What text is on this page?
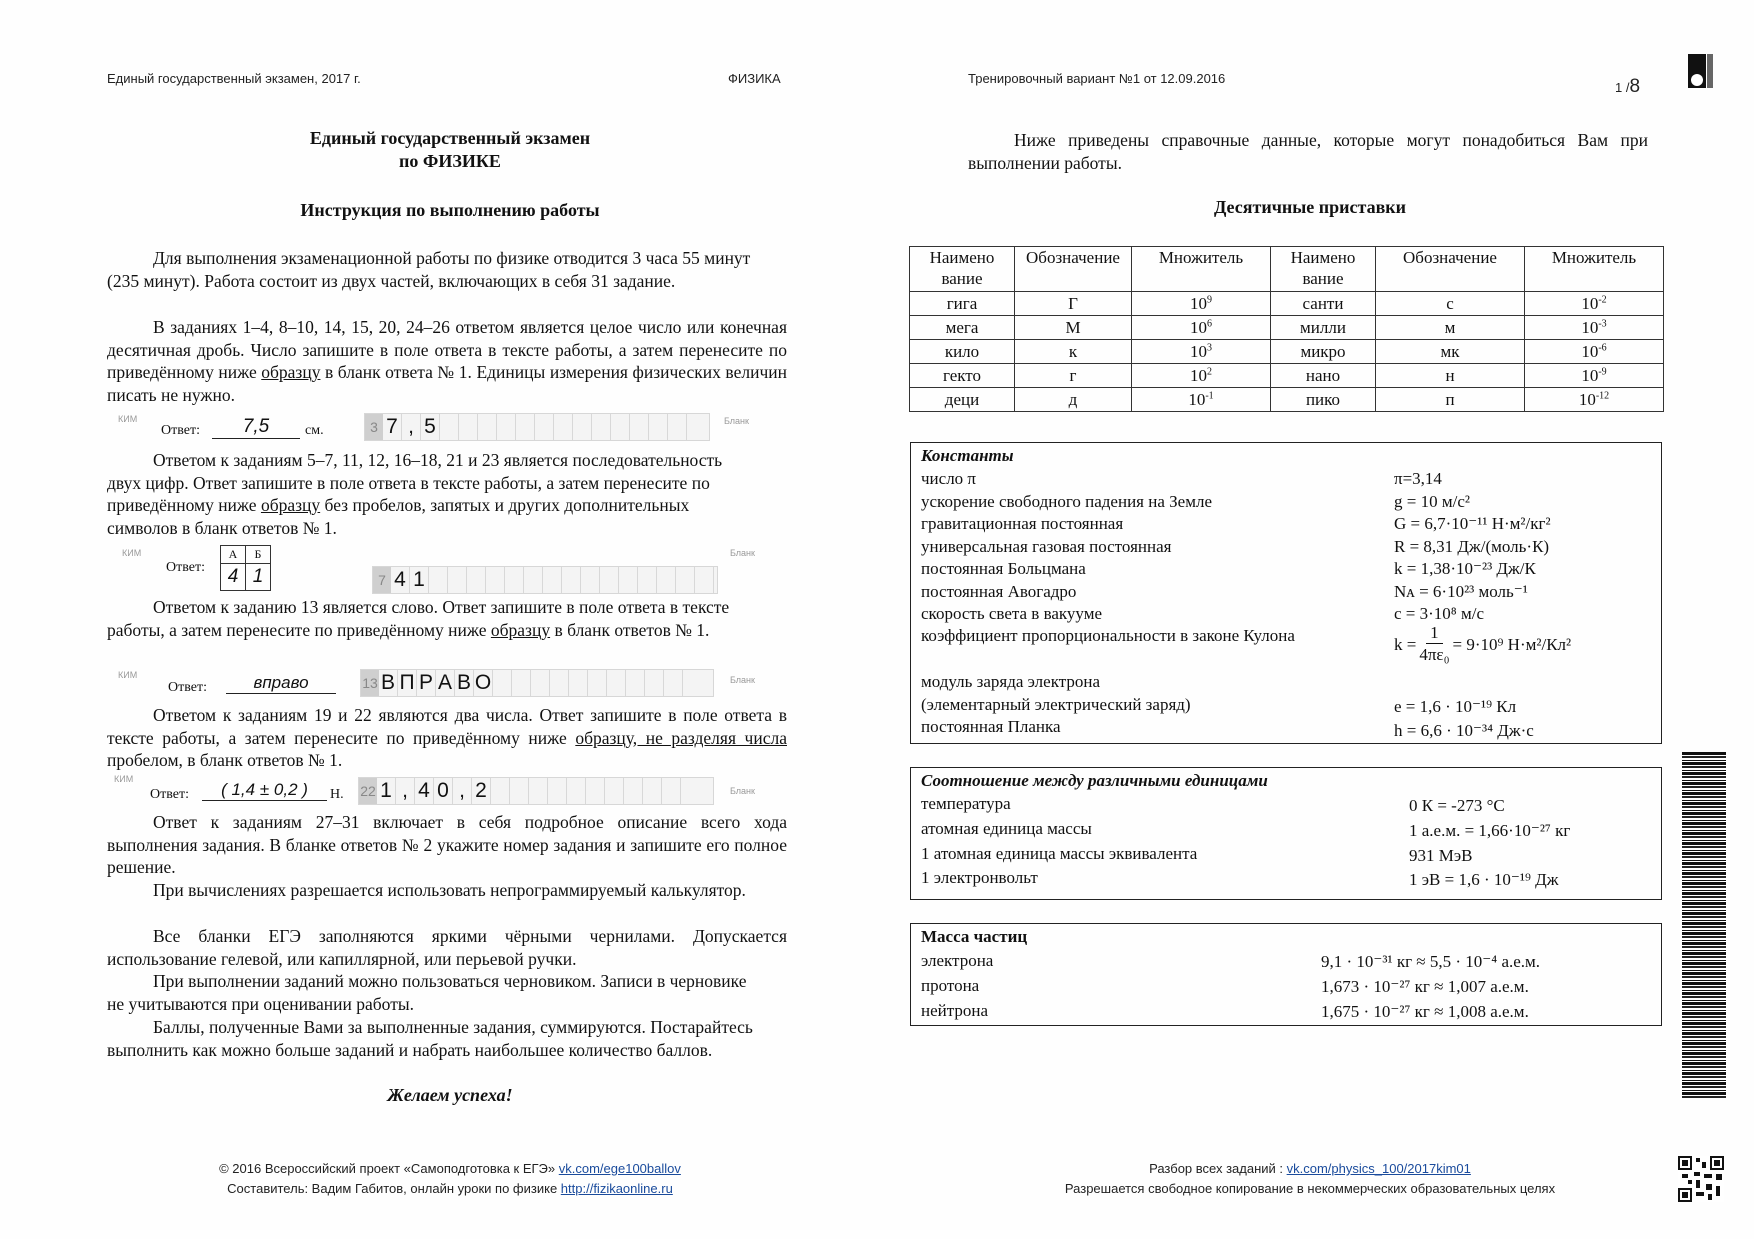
Единый государственный экзамен, 2017 г.	ФИЗИКА	Тренировочный вариант №1 от 12.09.2016
1 /8
Единый государственный экзамен
по ФИЗИКЕ
Инструкция по выполнению работы
Для выполнения экзаменационной работы по физике отводится 3 часа 55 минут (235 минут). Работа состоит из двух частей, включающих в себя 31 задание.
В заданиях 1–4, 8–10, 14, 15, 20, 24–26 ответом является целое число или конечная десятичная дробь. Число запишите в поле ответа в тексте работы, а затем перенесите по приведённому ниже образцу в бланк ответа № 1. Единицы измерения физических величин писать не нужно.
КИМ
Ответ:	7,5	см.	3 7 , 5	Бланк
Ответом к заданиям 5–7, 11, 12, 16–18, 21 и 23 является последовательность двух цифр. Ответ запишите в поле ответа в тексте работы, а затем перенесите по приведённому ниже образцу без пробелов, запятых и других дополнительных символов в бланк ответов № 1.
КИМ
Ответ:
А	Б
4	1	7 4 1
Бланк
Ответом к заданию 13 является слово. Ответ запишите в поле ответа в тексте работы, а затем перенесите по приведённому ниже образцу в бланк ответов № 1.
КИМ
Ответ:	вправо	13 В П Р А В О	Бланк
Ответом к заданиям 19 и 22 являются два числа. Ответ запишите в поле ответа в тексте работы, а затем перенесите по приведённому ниже образцу, не разделяя числа пробелом, в бланк ответов № 1.
КИМ
Ответ:	( 1,4 ± 0,2 )	Н. 22 1 , 4 0 , 2	Бланк
Ответ к заданиям 27–31 включает в себя подробное описание всего хода выполнения задания. В бланке ответов № 2 укажите номер задания и запишите его полное решение.
При вычислениях разрешается использовать непрограммируемый калькулятор.
Все бланки ЕГЭ заполняются яркими чёрными чернилами. Допускается использование гелевой, или капиллярной, или перьевой ручки.
При выполнении заданий можно пользоваться черновиком. Записи в черновике не учитываются при оценивании работы.
Баллы, полученные Вами за выполненные задания, суммируются. Постарайтесь выполнить как можно больше заданий и набрать наибольшее количество баллов.
Желаем успеха!
Ниже приведены справочные данные, которые могут понадобиться Вам при выполнении работы.
Десятичные приставки
Наимено вание	Обозначение	Множитель	Наимено вание	Обозначение	Множитель
гига	Г	$10^9$	санти	с	$10^{-2}$
мега	М	$10^6$	милли	м	$10^{-3}$
кило	к	$10^3$	микро	мк	$10^{-6}$
гекто	г	$10^2$	нано	н	$10^{-9}$
деци	д	$10^{-1}$	пико	п	$10^{-12}$
Константы
число π	π=3,14
ускорение свободного падения на Земле	g = 10 м/с²
гравитационная постоянная	G = 6,7·10⁻¹¹ Н·м²/кг²
универсальная газовая постоянная	R = 8,31 Дж/(моль·К)
постоянная Больцмана	k = 1,38·10⁻²³ Дж/К
постоянная Авогадро	Nᴀ = 6·10²³ моль⁻¹
скорость света в вакууме	c = 3·10⁸ м/с
коэффициент пропорциональности в законе Кулона	$k = \frac{1}{\text{4πε₀}} = 9\cdot 10^9$ Н·м²/Кл²
модуль заряда электрона
(элементарный электрический заряд)	e = 1,6 · 10⁻¹⁹ Кл
постоянная Планка	h = 6,6 · 10⁻³⁴ Дж·с
Соотношение между различными единицами
температура	0 К = -273 °С
атомная единица массы	1 а.е.м. = 1,66·10⁻²⁷ кг
1 атомная единица массы эквивалента	931 МэВ
1 электронвольт	1 эВ = 1,6 · 10⁻¹⁹ Дж
Масса частиц
электрона	9,1 · 10⁻³¹ кг ≈ 5,5 · 10⁻⁴ а.е.м.
протона	1,673 · 10⁻²⁷ кг ≈ 1,007 а.е.м.
нейтрона	1,675 · 10⁻²⁷ кг ≈ 1,008 а.е.м.
© 2016 Всероссийский проект «Самоподготовка к ЕГЭ» vk.com/ege100ballov
Составитель: Вадим Габитов, онлайн уроки по физике http://fizikaonline.ru
Разбор всех заданий : vk.com/physics_100/2017kim01
Разрешается свободное копирование в некоммерческих образовательных целях
